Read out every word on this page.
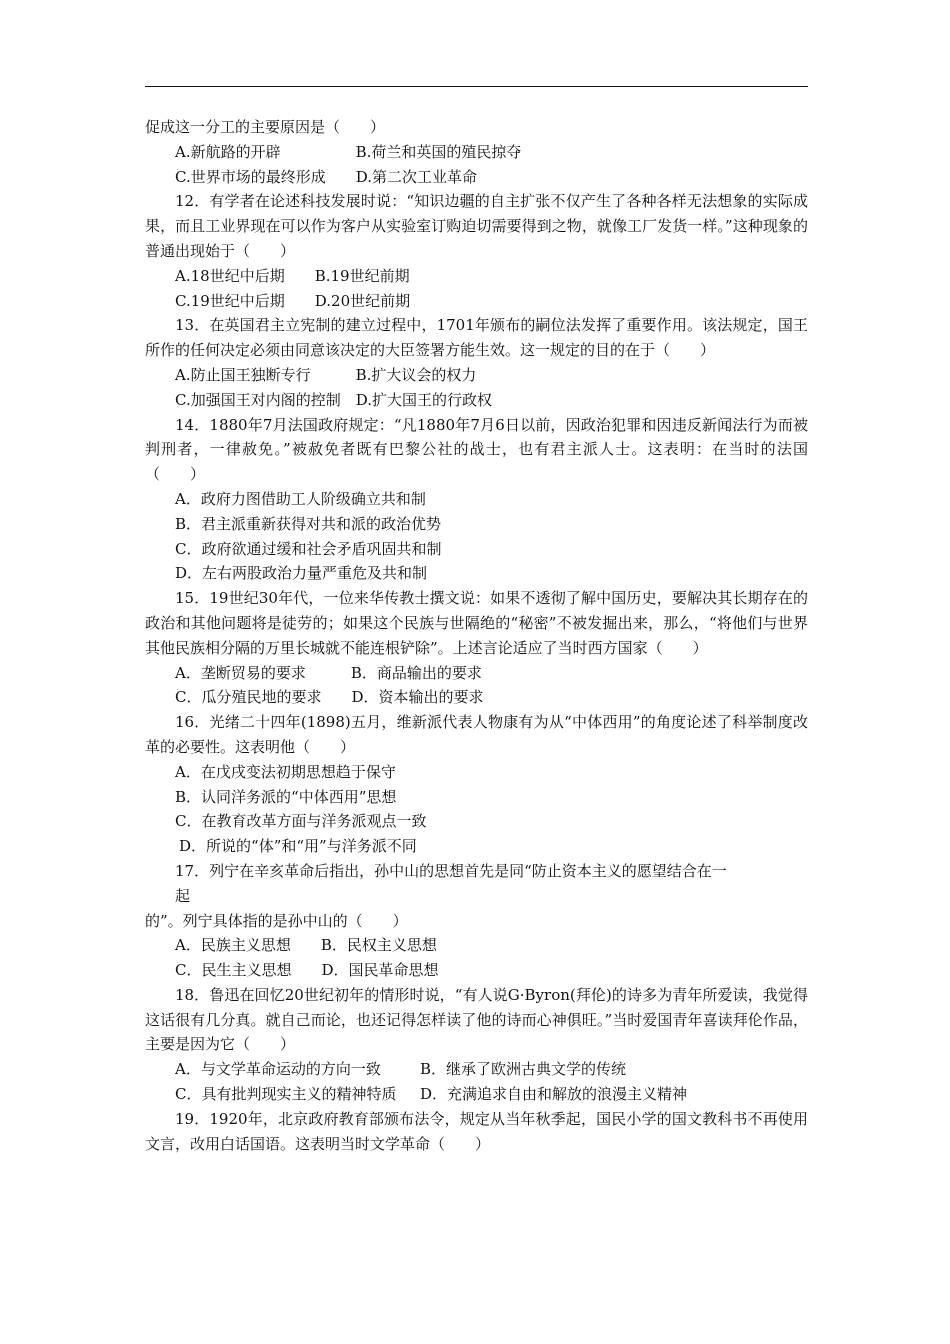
促成这一分工的主要原因是（　　）
A.新航路的开辟　　　　　B.荷兰和英国的殖民掠夺
C.世界市场的最终形成　　D.第二次工业革命
12．有学者在论述科技发展时说：“知识边疆的自主扩张不仅产生了各种各样无法想象的实际成果，而且工业界现在可以作为客户从实验室订购迫切需要得到之物，就像工厂发货一样。”这种现象的普通出现始于（　　）
A.18世纪中后期　　B.19世纪前期
C.19世纪中后期　　D.20世纪前期
13．在英国君主立宪制的建立过程中，1701年颁布的嗣位法发挥了重要作用。该法规定，国王所作的任何决定必须由同意该决定的大臣签署方能生效。这一规定的目的在于（　　）
A.防止国王独断专行　　　B.扩大议会的权力
C.加强国王对内阁的控制　D.扩大国王的行政权
14．1880年7月法国政府规定：“凡1880年7月6日以前，因政治犯罪和因违反新闻法行为而被判刑者，一律赦免。”被赦免者既有巴黎公社的战士，也有君主派人士。这表明：在当时的法国（　　）
A．政府力图借助工人阶级确立共和制
B．君主派重新获得对共和派的政治优势
C．政府欲通过缓和社会矛盾巩固共和制
D．左右两股政治力量严重危及共和制
15．19世纪30年代，一位来华传教士撰文说：如果不透彻了解中国历史，要解决其长期存在的政治和其他问题将是徒劳的；如果这个民族与世隔绝的“秘密”不被发掘出来，那么，“将他们与世界其他民族相分隔的万里长城就不能连根铲除”。上述言论适应了当时西方国家（　　）
A．垄断贸易的要求　　　B．商品输出的要求
C．瓜分殖民地的要求　　D．资本输出的要求
16．光绪二十四年(1898)五月，维新派代表人物康有为从“中体西用”的角度论述了科举制度改革的必要性。这表明他（　　）
A．在戊戌变法初期思想趋于保守
B．认同洋务派的“中体西用”思想
C．在教育改革方面与洋务派观点一致
D．所说的“体”和“用”与洋务派不同
17．列宁在辛亥革命后指出，孙中山的思想首先是同“防止资本主义的愿望结合在一
起
的”。列宁具体指的是孙中山的（　　）
A．民族主义思想　　B．民权主义思想
C．民生主义思想　　D．国民革命思想
18．鲁迅在回忆20世纪初年的情形时说，“有人说G·Byron(拜伦)的诗多为青年所爱读，我觉得这话很有几分真。就自己而论，也还记得怎样读了他的诗而心神俱旺。”当时爱国青年喜读拜伦作品，主要是因为它（　　）
A．与文学革命运动的方向一致	B．继承了欧洲古典文学的传统
C．具有批判现实主义的精神特质	D．充满追求自由和解放的浪漫主义精神
19．1920年，北京政府教育部颁布法令，规定从当年秋季起，国民小学的国文教科书不再使用文言，改用白话国语。这表明当时文学革命（　　）
